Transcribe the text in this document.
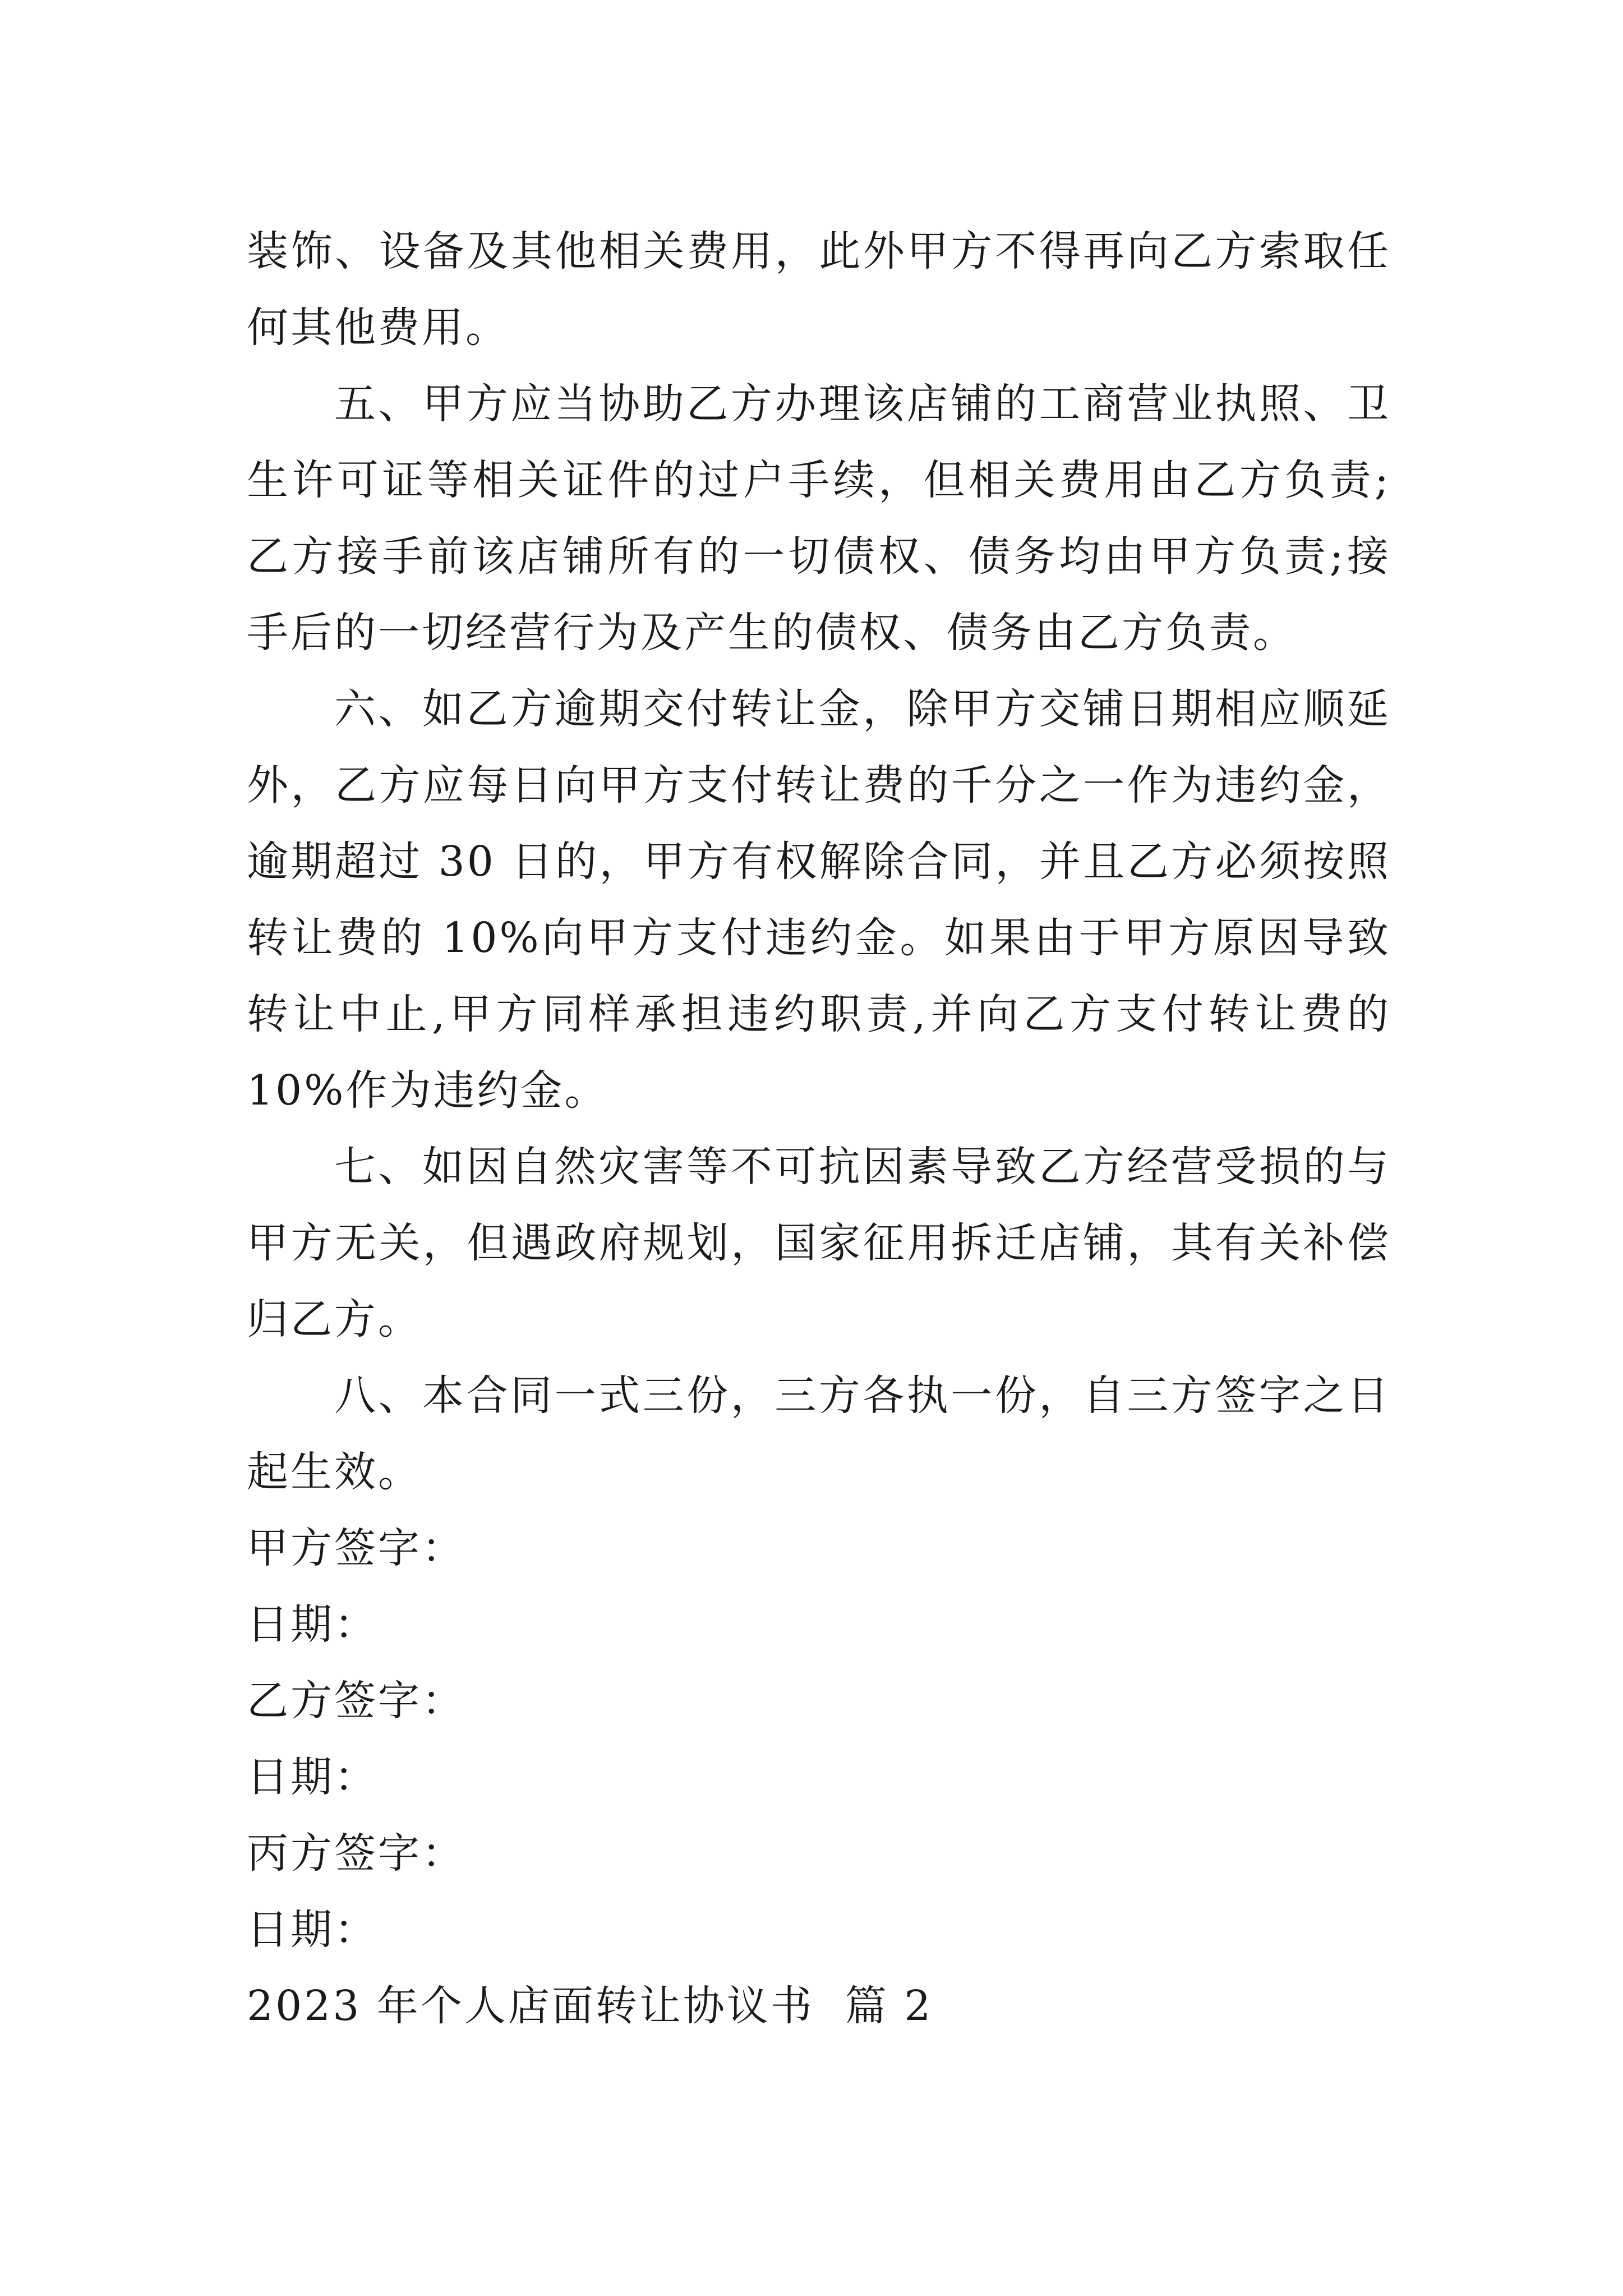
装饰、设备及其他相关费用，此外甲方不得再向乙方索取任何其他费用。

五、甲方应当协助乙方办理该店铺的工商营业执照、卫生许可证等相关证件的过户手续，但相关费用由乙方负责;乙方接手前该店铺所有的一切债权、债务均由甲方负责;接手后的一切经营行为及产生的债权、债务由乙方负责。

六、如乙方逾期交付转让金，除甲方交铺日期相应顺延外，乙方应每日向甲方支付转让费的千分之一作为违约金，逾期超过 30 日的，甲方有权解除合同，并且乙方必须按照转让费的 10%向甲方支付违约金。如果由于甲方原因导致转让中止,甲方同样承担违约职责,并向乙方支付转让费的 10%作为违约金。

七、如因自然灾害等不可抗因素导致乙方经营受损的与甲方无关，但遇政府规划，国家征用拆迁店铺，其有关补偿归乙方。

八、本合同一式三份，三方各执一份，自三方签字之日起生效。

甲方签字：

日期：

乙方签字：

日期：

丙方签字：

日期：

2023 年个人店面转让协议书  篇 2
